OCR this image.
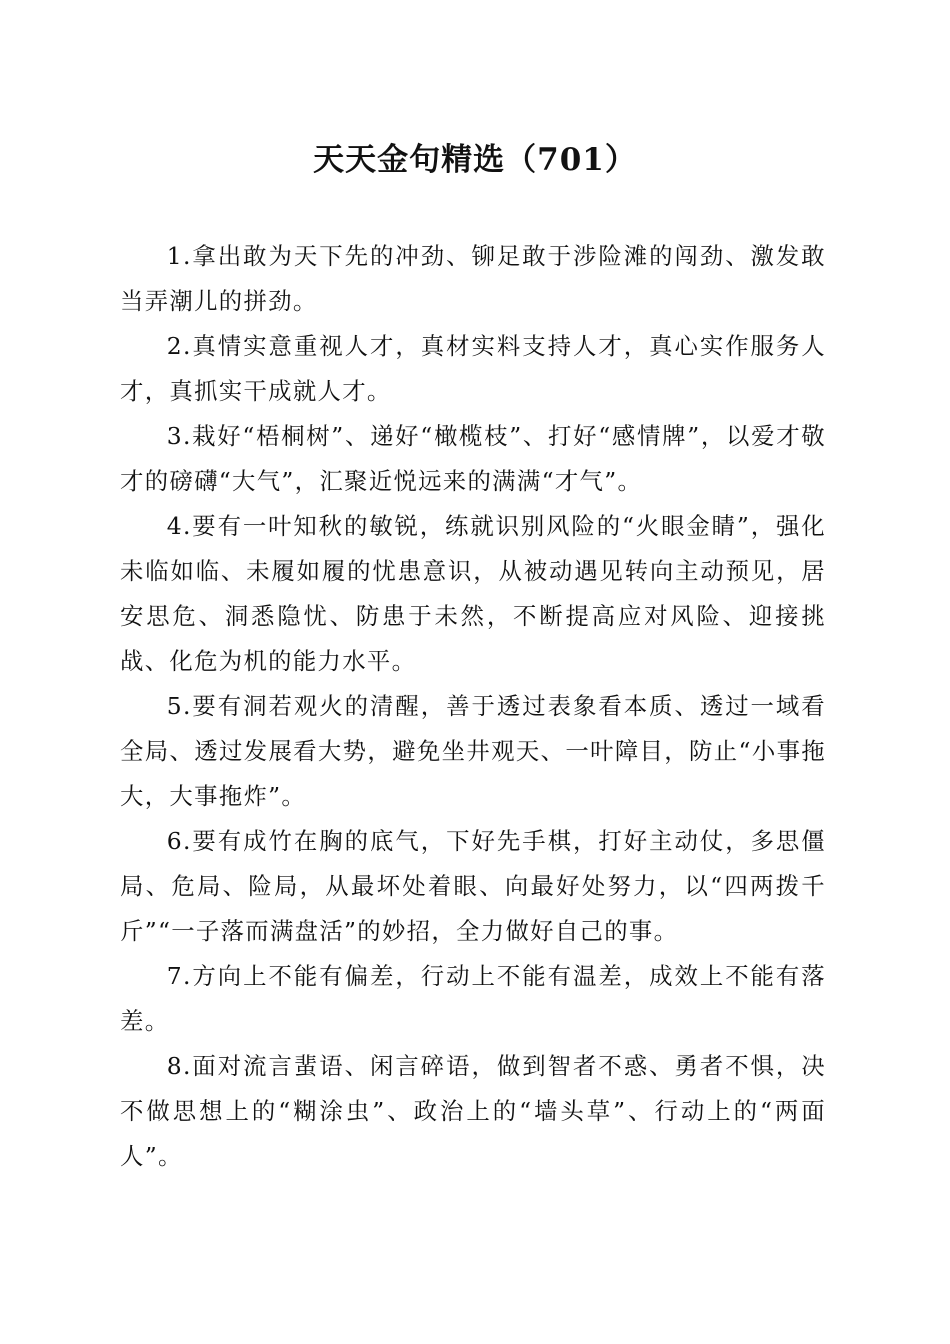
天天金句精选（701）

1.拿出敢为天下先的冲劲、铆足敢于涉险滩的闯劲、激发敢当弄潮儿的拼劲。

2.真情实意重视人才，真材实料支持人才，真心实作服务人才，真抓实干成就人才。

3.栽好“梧桐树”、递好“橄榄枝”、打好“感情牌”，以爱才敬才的磅礴“大气”，汇聚近悦远来的满满“才气”。

4.要有一叶知秋的敏锐，练就识别风险的“火眼金睛”，强化未临如临、未履如履的忧患意识，从被动遇见转向主动预见，居安思危、洞悉隐忧、防患于未然，不断提高应对风险、迎接挑战、化危为机的能力水平。

5.要有洞若观火的清醒，善于透过表象看本质、透过一域看全局、透过发展看大势，避免坐井观天、一叶障目，防止“小事拖大，大事拖炸”。

6.要有成竹在胸的底气，下好先手棋，打好主动仗，多思僵局、危局、险局，从最坏处着眼、向最好处努力，以“四两拨千斤”“一子落而满盘活”的妙招，全力做好自己的事。

7.方向上不能有偏差，行动上不能有温差，成效上不能有落差。

8.面对流言蜚语、闲言碎语，做到智者不惑、勇者不惧，决不做思想上的“糊涂虫”、政治上的“墙头草”、行动上的“两面人”。
